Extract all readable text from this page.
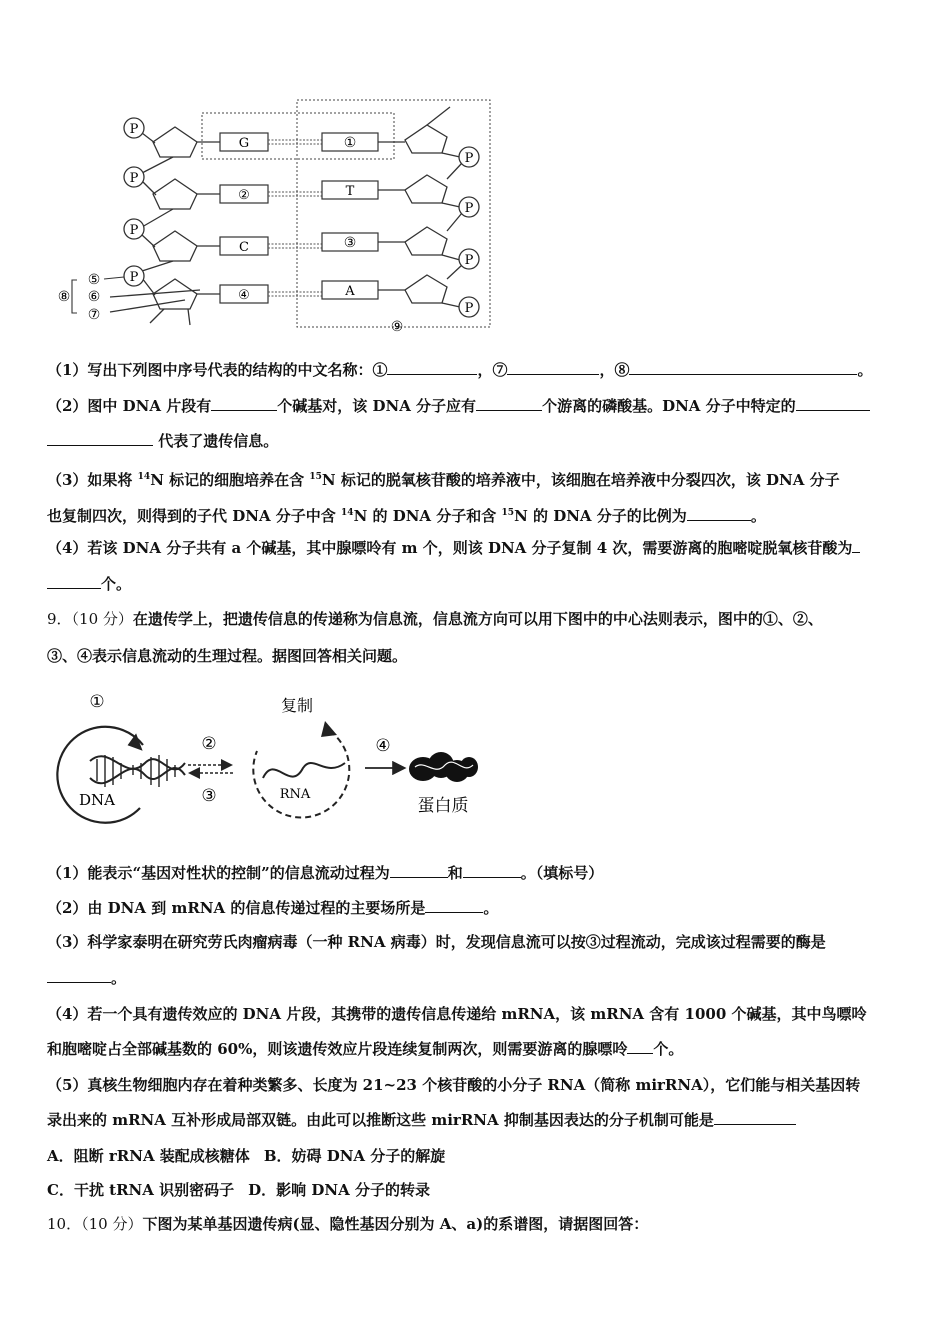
P
P
P
P
G
②
C
④
①
T
③
A
P
P
P
P
⑤
⑥
⑦
⑧
⑨
（1）写出下列图中序号代表的结构的中文名称：①	，⑦	，⑧	。
（2）图中 DNA 片段有	个碱基对，该 DNA 分子应有	个游离的磷酸基。DNA 分子中特定的
代表了遗传信息。
（3）如果将 $^{14}$N 标记的细胞培养在含 $^{15}$N 标记的脱氧核苷酸的培养液中，该细胞在培养液中分裂四次，该 DNA 分子
也复制四次，则得到的子代 DNA 分子中含 $^{14}$N 的 DNA 分子和含 $^{15}$N 的 DNA 分子的比例为	。
（4）若该 DNA 分子共有 a 个碱基，其中腺嘌呤有 m 个，则该 DNA 分子复制 4 次，需要游离的胞嘧啶脱氧核苷酸为
个。
9．（10 分）在遗传学上，把遗传信息的传递称为信息流，信息流方向可以用下图中的中心法则表示，图中的①、②、
③、④表示信息流动的生理过程。据图回答相关问题。
①
DNA
②
③
复制
RNA
④
蛋白质
（1）能表示“基因对性状的控制”的信息流动过程为	和	。（填标号）
（2）由 DNA 到 mRNA 的信息传递过程的主要场所是	。
（3）科学家泰明在研究劳氏肉瘤病毒（一种 RNA 病毒）时，发现信息流可以按③过程流动，完成该过程需要的酶是
。
（4）若一个具有遗传效应的 DNA 片段，其携带的遗传信息传递给 mRNA，该 mRNA 含有 1000 个碱基，其中鸟嘌呤
和胞嘧啶占全部碱基数的 60%，则该遗传效应片段连续复制两次，则需要游离的腺嘌呤 个。
（5）真核生物细胞内存在着种类繁多、长度为 21~23 个核苷酸的小分子 RNA（简称 mirRNA），它们能与相关基因转
录出来的 mRNA 互补形成局部双链。由此可以推断这些 mirRNA 抑制基因表达的分子机制可能是
A．阻断 rRNA 装配成核糖体 B．妨碍 DNA 分子的解旋
C．干扰 tRNA 识别密码子 D．影响 DNA 分子的转录
10．（10 分）下图为某单基因遗传病(显、隐性基因分别为 A、a)的系谱图，请据图回答：
